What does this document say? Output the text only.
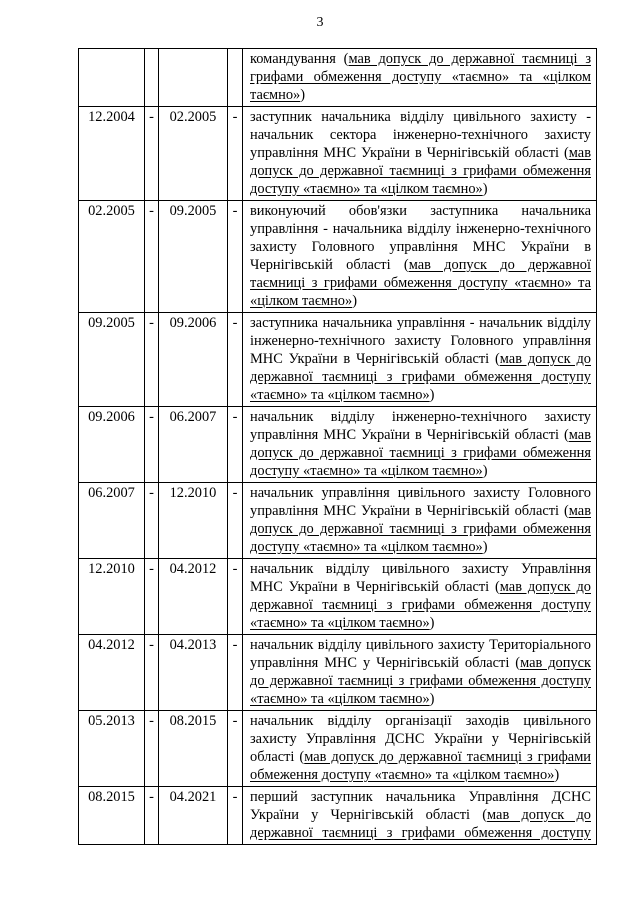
3
				командування (мав допуск до державної таємниці з грифами обмеження доступу «таємно» та «цілком таємно»)
12.2004	-	02.2005	-	заступник начальника відділу цивільного захисту - начальник сектора інженерно-технічного захисту управління МНС України в Чернігівській області (мав допуск до державної таємниці з грифами обмеження доступу «таємно» та «цілком таємно»)
02.2005	-	09.2005	-	виконуючий обов'язки заступника начальника управління - начальника відділу інженерно-технічного захисту Головного управління МНС України в Чернігівській області (мав допуск до державної таємниці з грифами обмеження доступу «таємно» та «цілком таємно»)
09.2005	-	09.2006	-	заступника начальника управління - начальник відділу інженерно-технічного захисту Головного управління МНС України в Чернігівській області (мав допуск до державної таємниці з грифами обмеження доступу «таємно» та «цілком таємно»)
09.2006	-	06.2007	-	начальник відділу інженерно-технічного захисту управління МНС України в Чернігівській області (мав допуск до державної таємниці з грифами обмеження доступу «таємно» та «цілком таємно»)
06.2007	-	12.2010	-	начальник управління цивільного захисту Головного управління МНС України в Чернігівській області (мав допуск до державної таємниці з грифами обмеження доступу «таємно» та «цілком таємно»)
12.2010	-	04.2012	-	начальник відділу цивільного захисту Управління МНС України в Чернігівській області (мав допуск до державної таємниці з грифами обмеження доступу «таємно» та «цілком таємно»)
04.2012	-	04.2013	-	начальник відділу цивільного захисту Територіального управління МНС у Чернігівській області (мав допуск до державної таємниці з грифами обмеження доступу «таємно» та «цілком таємно»)
05.2013	-	08.2015	-	начальник відділу організації заходів цивільного захисту Управління ДСНС України у Чернігівській області (мав допуск до державної таємниці з грифами обмеження доступу «таємно» та «цілком таємно»)
08.2015	-	04.2021	-	перший заступник начальника Управління ДСНС України у Чернігівській області (мав допуск до державної таємниці з грифами обмеження доступу
